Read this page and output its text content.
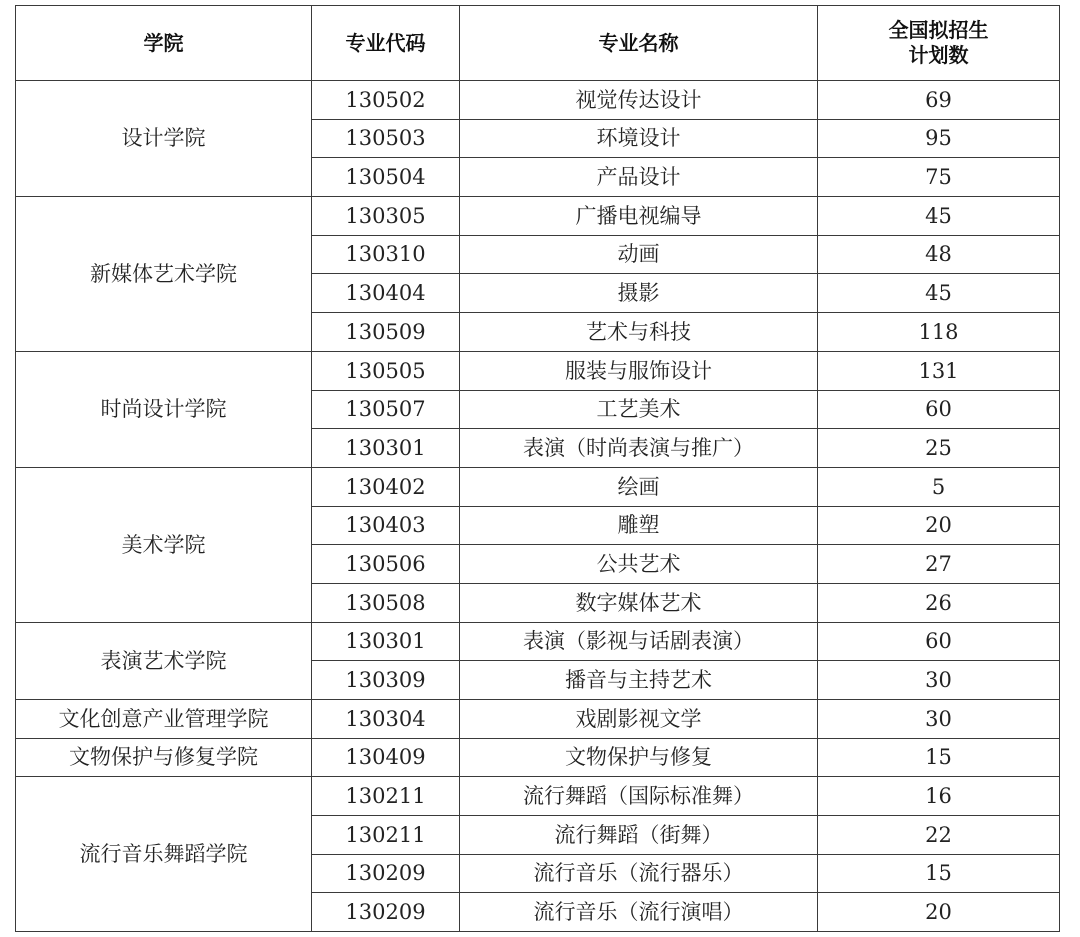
学院	专业代码	专业名称	全国拟招生
计划数

设计学院	130502	视觉传达设计	69
	130503	环境设计	95
	130504	产品设计	75
新媒体艺术学院	130305	广播电视编导	45
	130310	动画	48
	130404	摄影	45
	130509	艺术与科技	118
时尚设计学院	130505	服装与服饰设计	131
	130507	工艺美术	60
	130301	表演（时尚表演与推广）	25
美术学院	130402	绘画	5
	130403	雕塑	20
	130506	公共艺术	27
	130508	数字媒体艺术	26
表演艺术学院	130301	表演（影视与话剧表演）	60
	130309	播音与主持艺术	30
文化创意产业管理学院	130304	戏剧影视文学	30
文物保护与修复学院	130409	文物保护与修复	15
流行音乐舞蹈学院	130211	流行舞蹈（国际标准舞）	16
	130211	流行舞蹈（街舞）	22
	130209	流行音乐（流行器乐）	15
	130209	流行音乐（流行演唱）	20
